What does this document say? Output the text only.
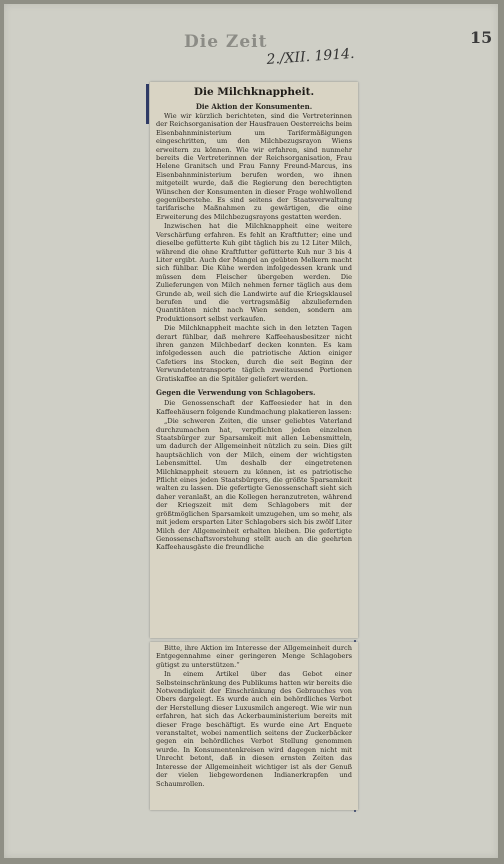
Die Zeit
2./XII. 1914.
15
Die Milchknappheit.
Die Aktion der Konsumenten.

Wie wir kürzlich berichteten, sind die Vertreterinnen der Reichsorganisation der Hausfrauen Oesterreichs beim Eisenbahnministerium um Tarifermäßigungen eingeschritten, um den Milchbezugsrayon Wiens erweitern zu können. Wie wir erfahren, sind nunmehr bereits die Vertreterinnen der Reichsorganisation, Frau Helene Granitsch und Frau Fanny Freund-Marcus, ins Eisenbahnministerium berufen worden, wo ihnen mitgeteilt wurde, daß die Regierung den berechtigten Wünschen der Konsumenten in dieser Frage wohlwollend gegenüberstehe. Es sind seitens der Staatsverwaltung tarifarische Maßnahmen zu gewärtigen, die eine Erweiterung des Milchbezugsrayons gestatten werden.

Inzwischen hat die Milchknappheit eine weitere Verschärfung erfahren. Es fehlt an Kraftfutter; eine und dieselbe gefütterte Kuh gibt täglich bis zu 12 Liter Milch, während die ohne Kraftfutter gefütterte Kuh nur 3 bis 4 Liter ergibt. Auch der Mangel an geübten Melkern macht sich fühlbar. Die Kühe werden infolgedessen krank und müssen dem Fleischer übergeben werden. Die Zulieferungen von Milch nehmen ferner täglich aus dem Grunde ab, weil sich die Landwirte auf die Kriegsklausel berufen und die vertragsmäßig abzuliefernden Quantitäten nicht nach Wien senden, sondern am Produktionsort selbst verkaufen.

Die Milchknappheit machte sich in den letzten Tagen derart fühlbar, daß mehrere Kaffeehausbesitzer nicht ihren ganzen Milchbedarf decken konnten. Es kam infolgedessen auch die patriotische Aktion einiger Cafetiers ins Stocken, durch die seit Beginn der Verwundetentransporte täglich zweitausend Portionen Gratiskaffee an die Spitäler geliefert werden.

Gegen die Verwendung von Schlagobers.

Die Genossenschaft der Kaffeesieder hat in den Kaffeehäusern folgende Kundmachung plakatieren lassen:

„Die schweren Zeiten, die unser geliebtes Vaterland durchzumachen hat, verpflichten jeden einzelnen Staatsbürger zur Sparsamkeit mit allen Lebensmitteln, um dadurch der Allgemeinheit nützlich zu sein. Dies gilt hauptsächlich von der Milch, einem der wichtigsten Lebensmittel. Um deshalb der eingetretenen Milchknappheit steuern zu können, ist es patriotische Pflicht eines jeden Staatsbürgers, die größte Sparsamkeit walten zu lassen. Die gefertigte Genossenschaft sieht sich daher veranlaßt, an die Kollegen heranzutreten, während der Kriegszeit mit dem Schlagobers mit der größtmöglichen Sparsamkeit umzugehen, um so mehr, als mit jedem ersparten Liter Schlagobers sich bis zwölf Liter Milch der Allgemeinheit erhalten bleiben. Die gefertigte Genossenschaftsvorstehung stellt auch an die geehrten Kaffeehausgäste die freundliche

Bitte, ihre Aktion im Interesse der Allgemeinheit durch Entgegennahme einer geringeren Menge Schlagobers gütigst zu unterstützen.“

In einem Artikel über das Gebot einer Selbsteinschränkung des Publikums hatten wir bereits die Notwendigkeit der Einschränkung des Gebrauches von Obers dargelegt. Es wurde auch ein behördliches Verbot der Herstellung dieser Luxusmilch angeregt. Wie wir nun erfahren, hat sich das Ackerbauministerium bereits mit dieser Frage beschäftigt. Es wurde eine Art Enquete veranstaltet, wobei namentlich seitens der Zuckerbäcker gegen ein behördliches Verbot Stellung genommen wurde. In Konsumentenkreisen wird dagegen nicht mit Unrecht betont, daß in diesen ernsten Zeiten das Interesse der Allgemeinheit wichtiger ist als der Genuß der vielen liebgewordenen Indianerkrapfen und Schaumrollen.
